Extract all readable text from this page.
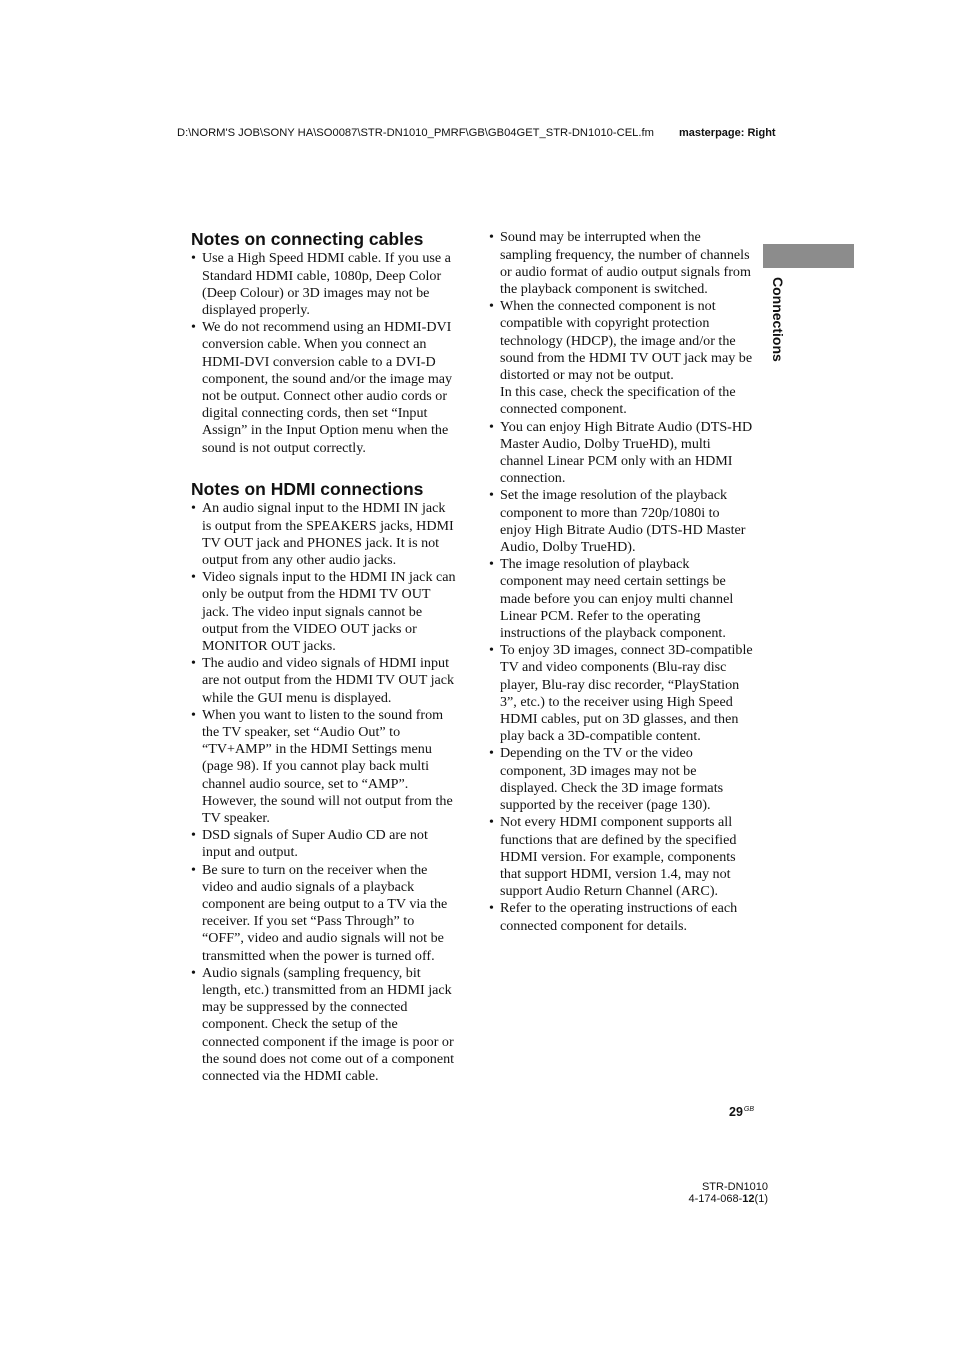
D:\NORM'S JOB\SONY HA\SO0087\STR-DN1010_PMRF\GB\GB04GET_STR-DN1010-CEL.fm masterpage: Right
Connections
Notes on connecting cables
• Use a High Speed HDMI cable. If you use a
Standard HDMI cable, 1080p, Deep Color
(Deep Colour) or 3D images may not be
displayed properly.
• We do not recommend using an HDMI-DVI
conversion cable. When you connect an
HDMI-DVI conversion cable to a DVI-D
component, the sound and/or the image may
not be output. Connect other audio cords or
digital connecting cords, then set “Input
Assign” in the Input Option menu when the
sound is not output correctly.
Notes on HDMI connections
• An audio signal input to the HDMI IN jack
is output from the SPEAKERS jacks, HDMI
TV OUT jack and PHONES jack. It is not
output from any other audio jacks.
• Video signals input to the HDMI IN jack can
only be output from the HDMI TV OUT
jack. The video input signals cannot be
output from the VIDEO OUT jacks or
MONITOR OUT jacks.
• The audio and video signals of HDMI input
are not output from the HDMI TV OUT jack
while the GUI menu is displayed.
• When you want to listen to the sound from
the TV speaker, set “Audio Out” to
“TV+AMP” in the HDMI Settings menu
(page 98). If you cannot play back multi
channel audio source, set to “AMP”.
However, the sound will not output from the
TV speaker.
• DSD signals of Super Audio CD are not
input and output.
• Be sure to turn on the receiver when the
video and audio signals of a playback
component are being output to a TV via the
receiver. If you set “Pass Through” to
“OFF”, video and audio signals will not be
transmitted when the power is turned off.
• Audio signals (sampling frequency, bit
length, etc.) transmitted from an HDMI jack
may be suppressed by the connected
component. Check the setup of the
connected component if the image is poor or
the sound does not come out of a component
connected via the HDMI cable.
• Sound may be interrupted when the
sampling frequency, the number of channels
or audio format of audio output signals from
the playback component is switched.
• When the connected component is not
compatible with copyright protection
technology (HDCP), the image and/or the
sound from the HDMI TV OUT jack may be
distorted or may not be output.
In this case, check the specification of the
connected component.
• You can enjoy High Bitrate Audio (DTS-HD
Master Audio, Dolby TrueHD), multi
channel Linear PCM only with an HDMI
connection.
• Set the image resolution of the playback
component to more than 720p/1080i to
enjoy High Bitrate Audio (DTS-HD Master
Audio, Dolby TrueHD).
• The image resolution of playback
component may need certain settings be
made before you can enjoy multi channel
Linear PCM. Refer to the operating
instructions of the playback component.
• To enjoy 3D images, connect 3D-compatible
TV and video components (Blu-ray disc
player, Blu-ray disc recorder, “PlayStation
3”, etc.) to the receiver using High Speed
HDMI cables, put on 3D glasses, and then
play back a 3D-compatible content.
• Depending on the TV or the video
component, 3D images may not be
displayed. Check the 3D image formats
supported by the receiver (page 130).
• Not every HDMI component supports all
functions that are defined by the specified
HDMI version. For example, components
that support HDMI, version 1.4, may not
support Audio Return Channel (ARC).
• Refer to the operating instructions of each
connected component for details.
$29^{GB}$
STR-DN1010
4-174-068-12(1)
